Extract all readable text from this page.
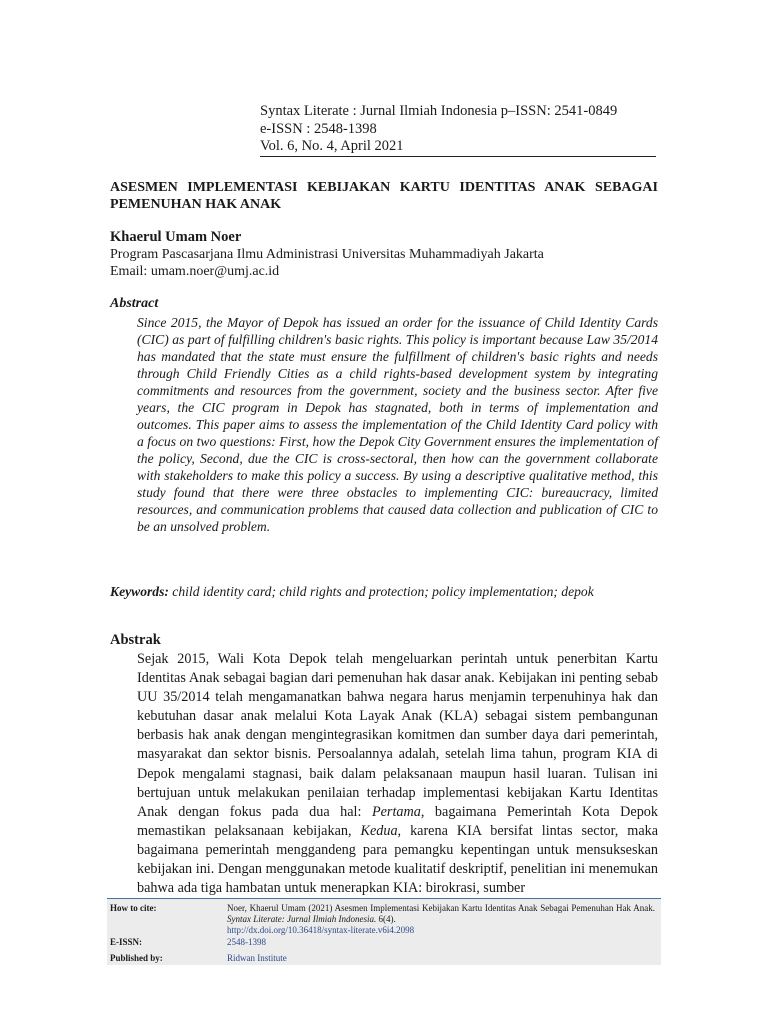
Syntax Literate : Jurnal Ilmiah Indonesia p–ISSN: 2541-0849
e-ISSN : 2548-1398
Vol. 6, No. 4, April 2021
ASESMEN IMPLEMENTASI KEBIJAKAN KARTU IDENTITAS ANAK SEBAGAI PEMENUHAN HAK ANAK
Khaerul Umam Noer
Program Pascasarjana Ilmu Administrasi Universitas Muhammadiyah Jakarta
Email: umam.noer@umj.ac.id
Abstract
Since 2015, the Mayor of Depok has issued an order for the issuance of Child Identity Cards (CIC) as part of fulfilling children's basic rights. This policy is important because Law 35/2014 has mandated that the state must ensure the fulfillment of children's basic rights and needs through Child Friendly Cities as a child rights-based development system by integrating commitments and resources from the government, society and the business sector. After five years, the CIC program in Depok has stagnated, both in terms of implementation and outcomes. This paper aims to assess the implementation of the Child Identity Card policy with a focus on two questions: First, how the Depok City Government ensures the implementation of the policy, Second, due the CIC is cross-sectoral, then how can the government collaborate with stakeholders to make this policy a success. By using a descriptive qualitative method, this study found that there were three obstacles to implementing CIC: bureaucracy, limited resources, and communication problems that caused data collection and publication of CIC to be an unsolved problem.
Keywords: child identity card; child rights and protection; policy implementation; depok
Abstrak
Sejak 2015, Wali Kota Depok telah mengeluarkan perintah untuk penerbitan Kartu Identitas Anak sebagai bagian dari pemenuhan hak dasar anak. Kebijakan ini penting sebab UU 35/2014 telah mengamanatkan bahwa negara harus menjamin terpenuhinya hak dan kebutuhan dasar anak melalui Kota Layak Anak (KLA) sebagai sistem pembangunan berbasis hak anak dengan mengintegrasikan komitmen dan sumber daya dari pemerintah, masyarakat dan sektor bisnis. Persoalannya adalah, setelah lima tahun, program KIA di Depok mengalami stagnasi, baik dalam pelaksanaan maupun hasil luaran. Tulisan ini bertujuan untuk melakukan penilaian terhadap implementasi kebijakan Kartu Identitas Anak dengan fokus pada dua hal: Pertama, bagaimana Pemerintah Kota Depok memastikan pelaksanaan kebijakan, Kedua, karena KIA bersifat lintas sector, maka bagaimana pemerintah menggandeng para pemangku kepentingan untuk mensukseskan kebijakan ini. Dengan menggunakan metode kualitatif deskriptif, penelitian ini menemukan bahwa ada tiga hambatan untuk menerapkan KIA: birokrasi, sumber
How to cite:	Noer, Khaerul Umam (2021) Asesmen Implementasi Kebijakan Kartu Identitas Anak Sebagai Pemenuhan Hak Anak. Syntax Literate: Jurnal Ilmiah Indonesia. 6(4).
http://dx.doi.org/10.36418/syntax-literate.v6i4.2098
E-ISSN:	2548-1398
Published by:	Ridwan Institute
